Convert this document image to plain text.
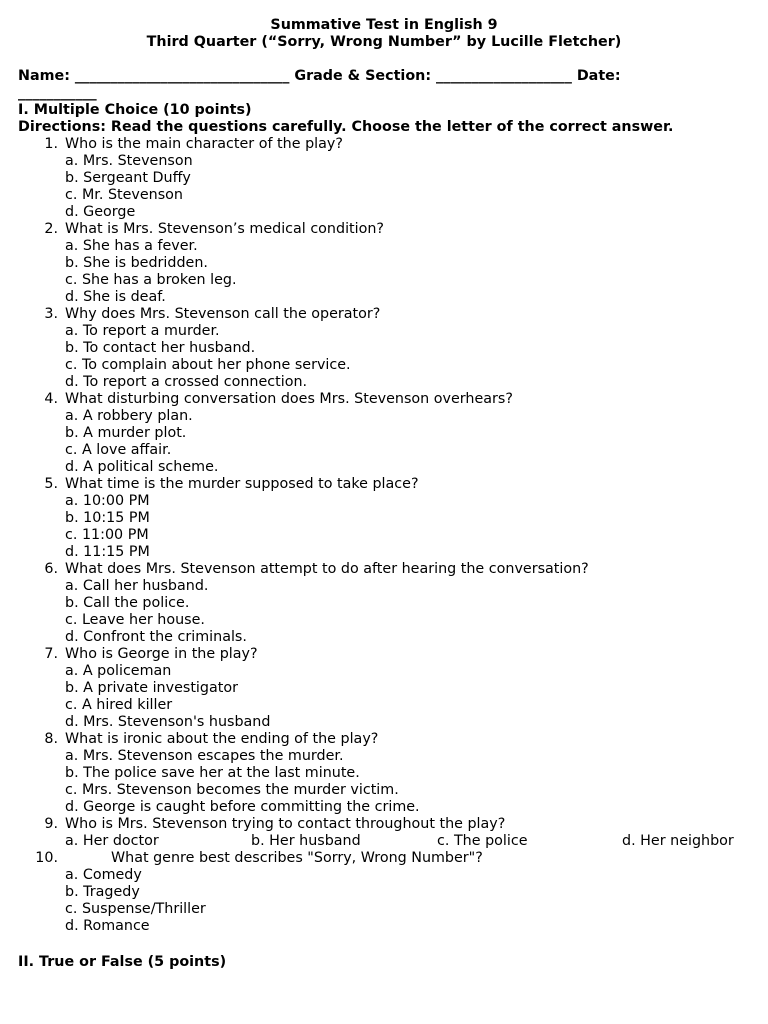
Summative Test in English 9

Third Quarter (“Sorry, Wrong Number” by Lucille Fletcher)

Name: ______________________________ Grade & Section: ___________________ Date:
___________

I. Multiple Choice (10 points)

Directions: Read the questions carefully. Choose the letter of the correct answer.

1. Who is the main character of the play?
a. Mrs. Stevenson
b. Sergeant Duffy
c. Mr. Stevenson
d. George
2. What is Mrs. Stevenson’s medical condition?
a. She has a fever.
b. She is bedridden.
c. She has a broken leg.
d. She is deaf.
3. Why does Mrs. Stevenson call the operator?
a. To report a murder.
b. To contact her husband.
c. To complain about her phone service.
d. To report a crossed connection.
4. What disturbing conversation does Mrs. Stevenson overhears?
a. A robbery plan.
b. A murder plot.
c. A love affair.
d. A political scheme.
5. What time is the murder supposed to take place?
a. 10:00 PM
b. 10:15 PM
c. 11:00 PM
d. 11:15 PM
6. What does Mrs. Stevenson attempt to do after hearing the conversation?
a. Call her husband.
b. Call the police.
c. Leave her house.
d. Confront the criminals.
7. Who is George in the play?
a. A policeman
b. A private investigator
c. A hired killer
d. Mrs. Stevenson's husband
8. What is ironic about the ending of the play?
a. Mrs. Stevenson escapes the murder.
b. The police save her at the last minute.
c. Mrs. Stevenson becomes the murder victim.
d. George is caught before committing the crime.
9. Who is Mrs. Stevenson trying to contact throughout the play?
a. Her doctor	b. Her husband	c. The police	d. Her neighbor
10.	What genre best describes "Sorry, Wrong Number"?
a. Comedy
b. Tragedy
c. Suspense/Thriller
d. Romance

II. True or False (5 points)
